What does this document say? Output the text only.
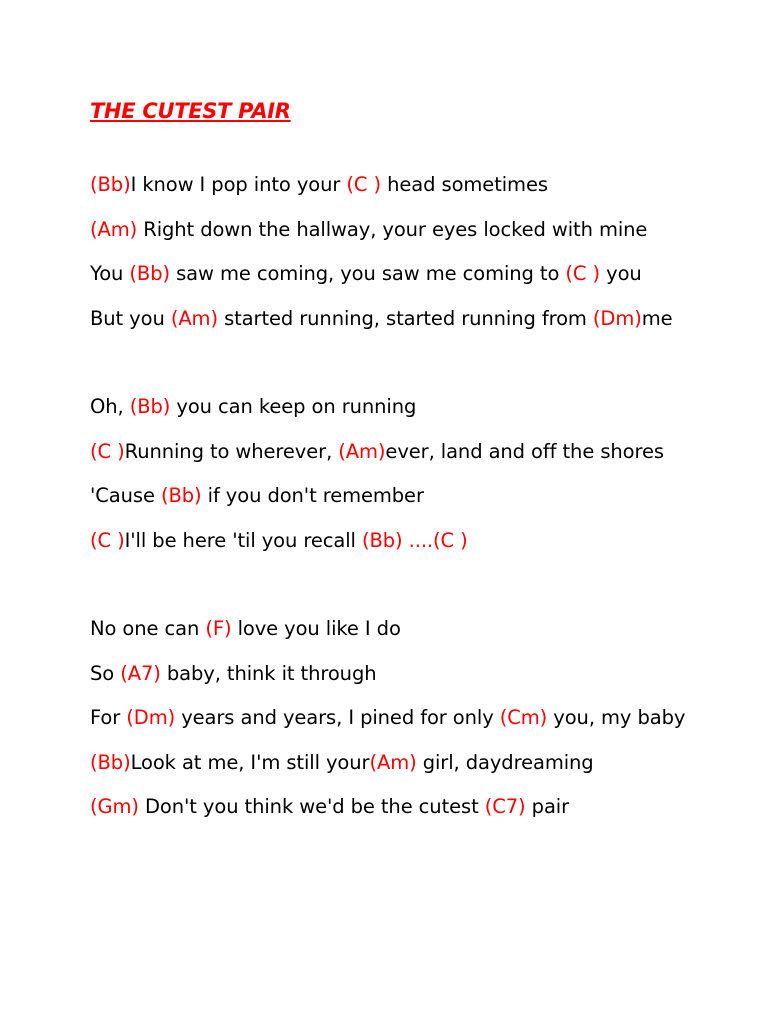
THE CUTEST PAIR
(Bb)I know I pop into your (C ) head sometimes
(Am) Right down the hallway, your eyes locked with mine
You (Bb) saw me coming, you saw me coming to (C ) you
But you (Am) started running, started running from (Dm)me
Oh, (Bb) you can keep on running
(C )Running to wherever, (Am)ever, land and off the shores
'Cause (Bb) if you don't remember
(C )I'll be here 'til you recall (Bb) ....(C )
No one can (F) love you like I do
So (A7) baby, think it through
For (Dm) years and years, I pined for only (Cm) you, my baby
(Bb)Look at me, I'm still your(Am) girl, daydreaming
(Gm) Don't you think we'd be the cutest (C7) pair
